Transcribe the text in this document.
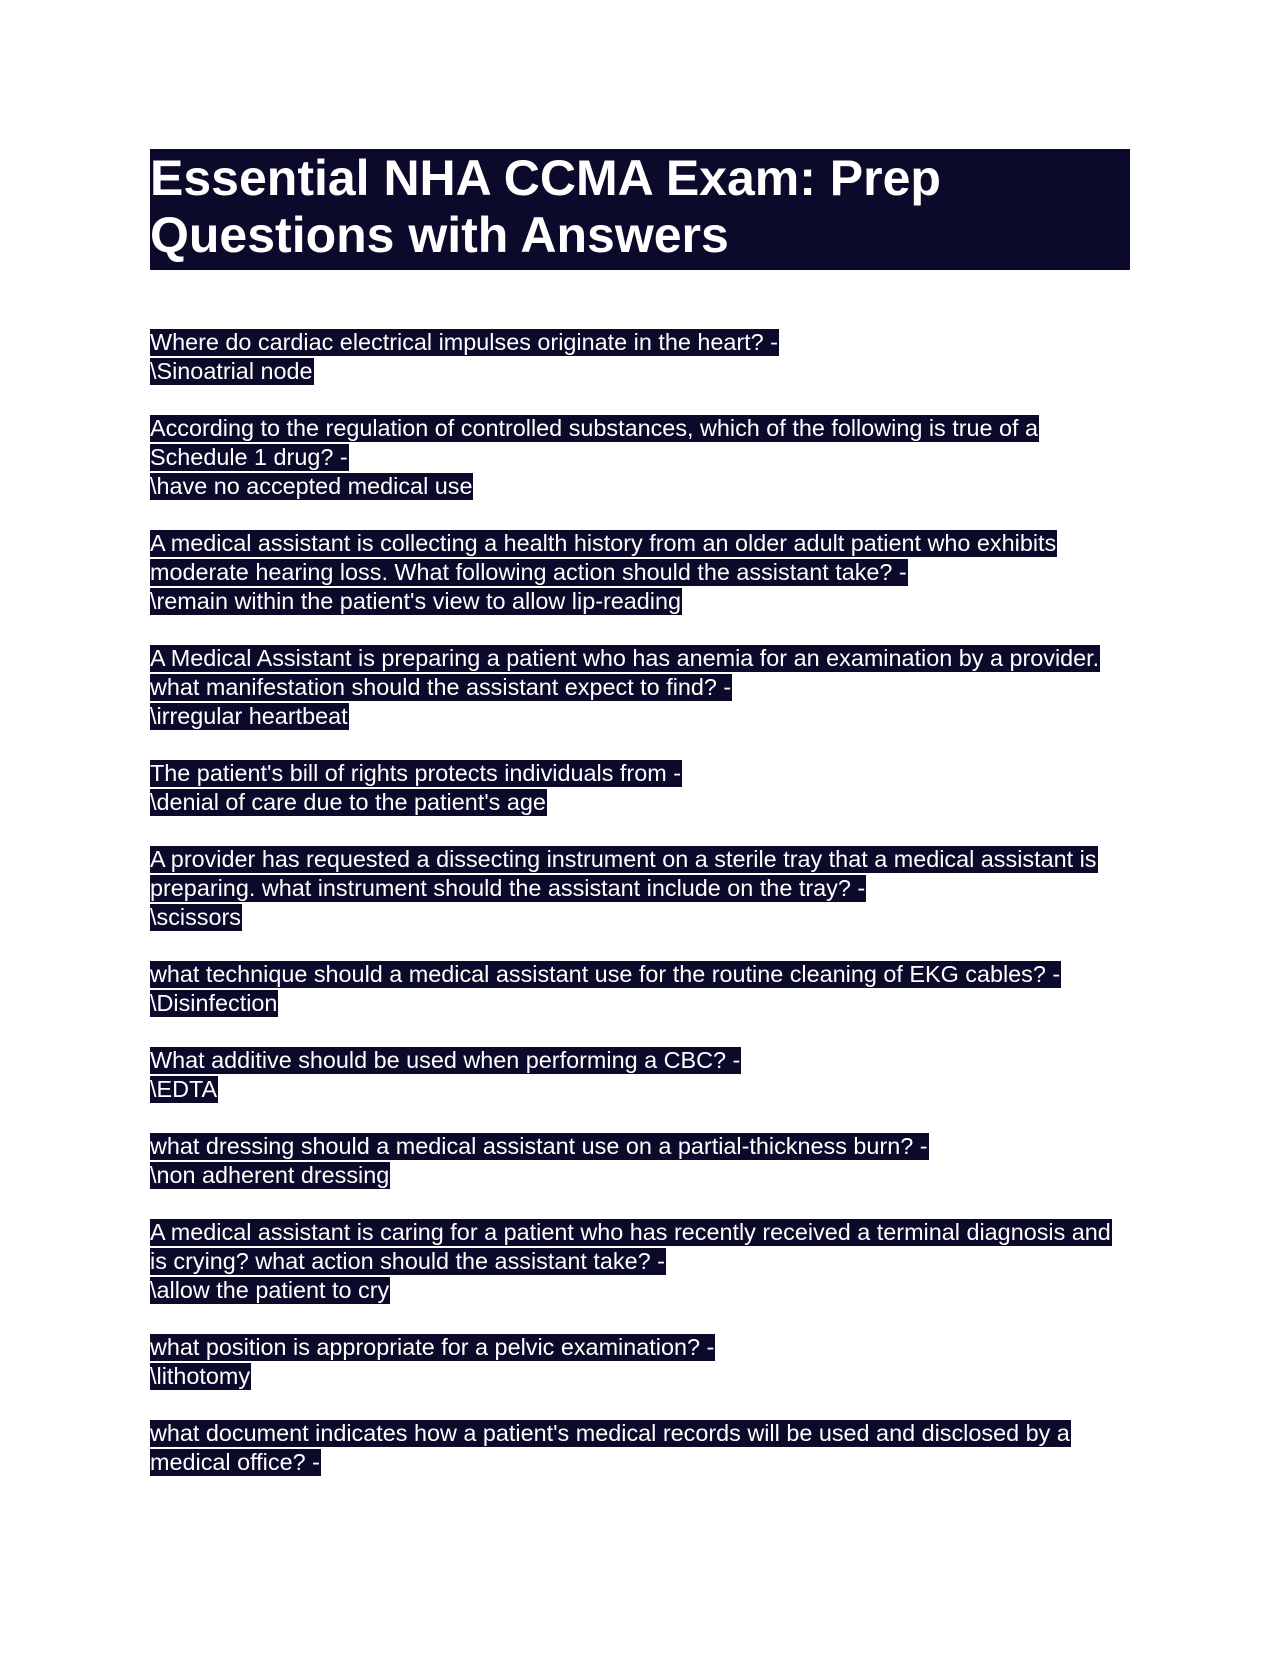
Essential NHA CCMA Exam: Prep Questions with Answers
Where do cardiac electrical impulses originate in the heart? -
\Sinoatrial node
According to the regulation of controlled substances, which of the following is true of a Schedule 1 drug? -
\have no accepted medical use
A medical assistant is collecting a health history from an older adult patient who exhibits moderate hearing loss. What following action should the assistant take? -
\remain within the patient's view to allow lip-reading
A Medical Assistant is preparing a patient who has anemia for an examination by a provider. what manifestation should the assistant expect to find? -
\irregular heartbeat
The patient's bill of rights protects individuals from -
\denial of care due to the patient's age
A provider has requested a dissecting instrument on a sterile tray that a medical assistant is preparing. what instrument should the assistant include on the tray? -
\scissors
what technique should a medical assistant use for the routine cleaning of EKG cables? -
\Disinfection
What additive should be used when performing a CBC? -
\EDTA
what dressing should a medical assistant use on a partial-thickness burn? -
\non adherent dressing
A medical assistant is caring for a patient who has recently received a terminal diagnosis and is crying? what action should the assistant take? -
\allow the patient to cry
what position is appropriate for a pelvic examination? -
\lithotomy
what document indicates how a patient's medical records will be used and disclosed by a medical office? -
